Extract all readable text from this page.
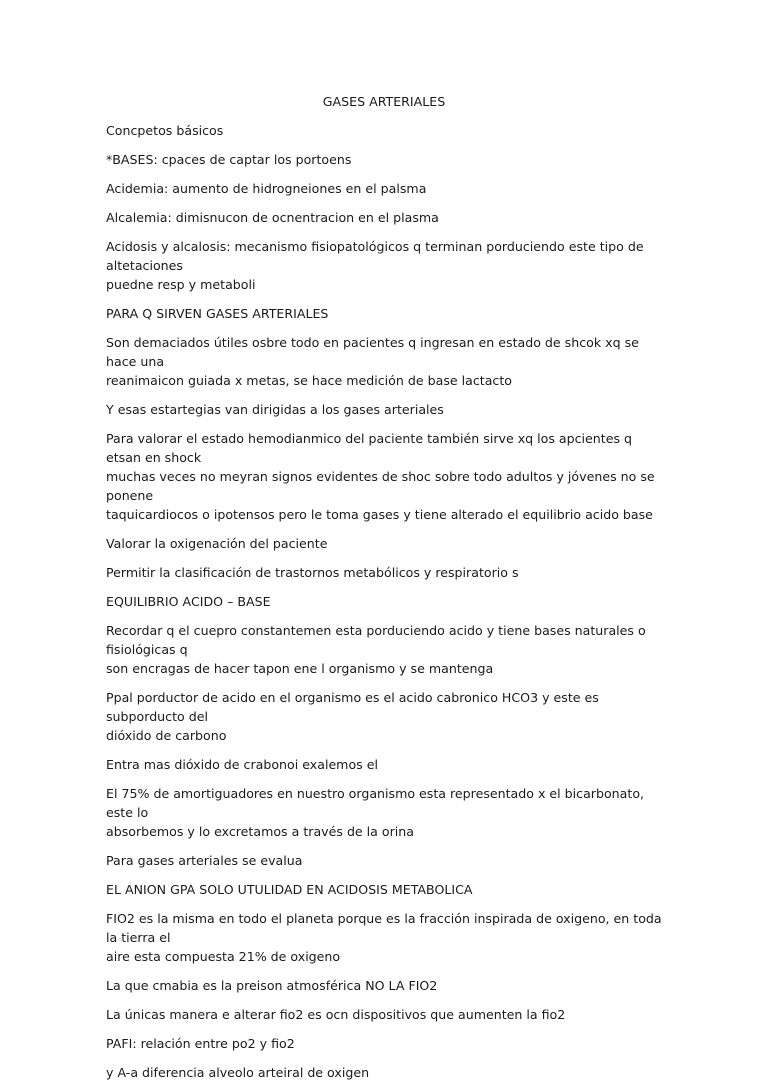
GASES ARTERIALES

Concpetos básicos

*BASES: cpaces de captar los portoens

Acidemia: aumento de hidrogneiones en el palsma

Alcalemia: dimisnucon de ocnentracion en el plasma

Acidosis y alcalosis: mecanismo fisiopatológicos q terminan porduciendo este tipo de altetaciones
puedne resp y metaboli

PARA Q SIRVEN GASES ARTERIALES

Son demaciados útiles osbre todo en pacientes q ingresan en estado de shcok xq se hace una
reanimaicon guiada x metas, se hace medición de base lactacto

Y esas estartegias van dirigidas a los gases arteriales

Para valorar el estado hemodianmico del paciente también sirve xq los apcientes q etsan en shock
muchas veces no meyran signos evidentes de shoc sobre todo adultos y jóvenes no se ponene
taquicardiocos o ipotensos pero le toma gases y tiene alterado el equilibrio acido base

Valorar la oxigenación del paciente

Permitir la clasificación de trastornos metabólicos y respiratorio s

EQUILIBRIO ACIDO – BASE

Recordar q el cuepro constantemen esta porduciendo acido y tiene bases naturales o fisiológicas q
son encragas de hacer tapon ene l organismo y se mantenga

Ppal porductor de acido en el organismo es el acido cabronico HCO3 y este es subporducto del
dióxido de carbono

Entra mas dióxido de crabonoi exalemos el

El 75% de amortiguadores en nuestro organismo esta representado x el bicarbonato, este lo
absorbemos y lo excretamos a través de la orina

Para gases arteriales se evalua

EL ANION GPA SOLO UTULIDAD EN ACIDOSIS METABOLICA

FIO2 es la misma en todo el planeta porque es la fracción inspirada de oxigeno, en toda la tierra el
aire esta compuesta 21% de oxigeno

La que cmabia es la preison atmosférica NO LA FIO2

La únicas manera e alterar fio2 es ocn dispositivos que aumenten la fio2

PAFI: relación entre po2 y fio2

y A-a diferencia alveolo arteiral de oxigen
